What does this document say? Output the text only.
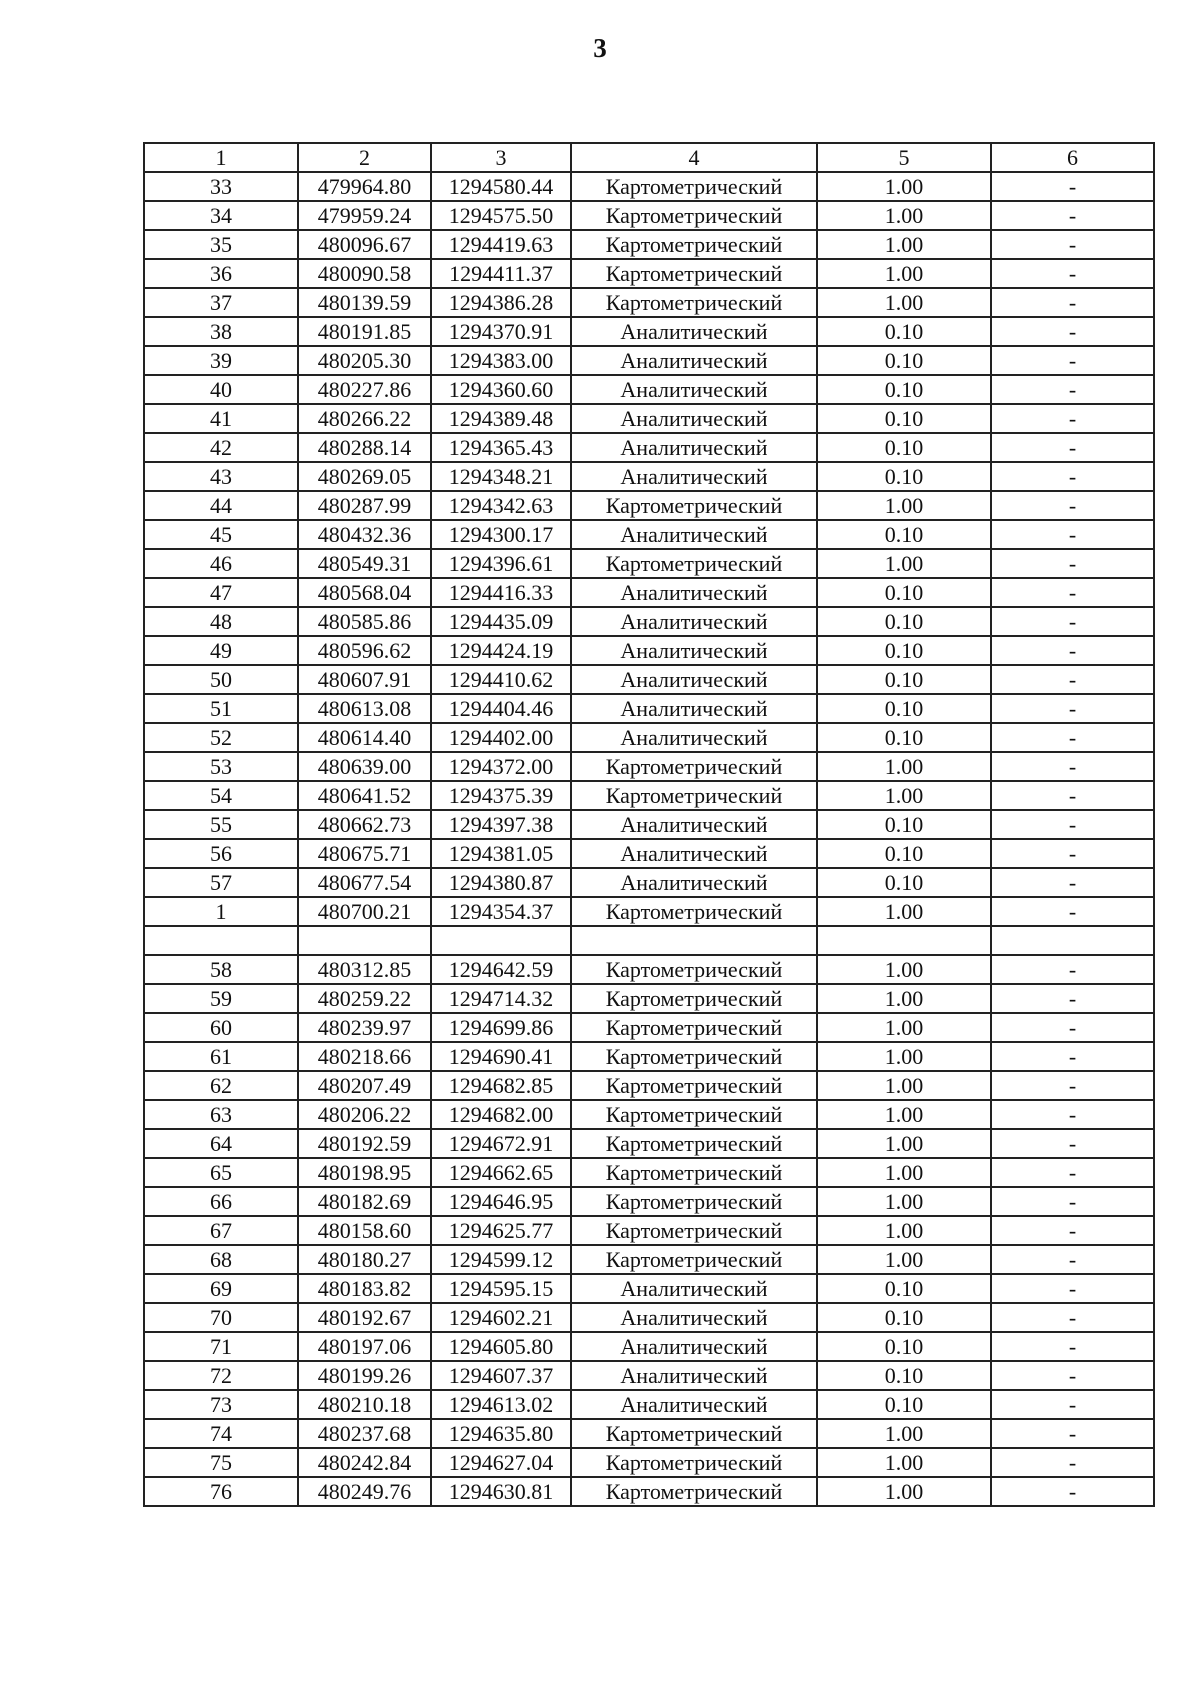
3
1	2	3	4	5	6
33	479964.80	1294580.44	Картометрический	1.00	-
34	479959.24	1294575.50	Картометрический	1.00	-
35	480096.67	1294419.63	Картометрический	1.00	-
36	480090.58	1294411.37	Картометрический	1.00	-
37	480139.59	1294386.28	Картометрический	1.00	-
38	480191.85	1294370.91	Аналитический	0.10	-
39	480205.30	1294383.00	Аналитический	0.10	-
40	480227.86	1294360.60	Аналитический	0.10	-
41	480266.22	1294389.48	Аналитический	0.10	-
42	480288.14	1294365.43	Аналитический	0.10	-
43	480269.05	1294348.21	Аналитический	0.10	-
44	480287.99	1294342.63	Картометрический	1.00	-
45	480432.36	1294300.17	Аналитический	0.10	-
46	480549.31	1294396.61	Картометрический	1.00	-
47	480568.04	1294416.33	Аналитический	0.10	-
48	480585.86	1294435.09	Аналитический	0.10	-
49	480596.62	1294424.19	Аналитический	0.10	-
50	480607.91	1294410.62	Аналитический	0.10	-
51	480613.08	1294404.46	Аналитический	0.10	-
52	480614.40	1294402.00	Аналитический	0.10	-
53	480639.00	1294372.00	Картометрический	1.00	-
54	480641.52	1294375.39	Картометрический	1.00	-
55	480662.73	1294397.38	Аналитический	0.10	-
56	480675.71	1294381.05	Аналитический	0.10	-
57	480677.54	1294380.87	Аналитический	0.10	-
1	480700.21	1294354.37	Картометрический	1.00	-

58	480312.85	1294642.59	Картометрический	1.00	-
59	480259.22	1294714.32	Картометрический	1.00	-
60	480239.97	1294699.86	Картометрический	1.00	-
61	480218.66	1294690.41	Картометрический	1.00	-
62	480207.49	1294682.85	Картометрический	1.00	-
63	480206.22	1294682.00	Картометрический	1.00	-
64	480192.59	1294672.91	Картометрический	1.00	-
65	480198.95	1294662.65	Картометрический	1.00	-
66	480182.69	1294646.95	Картометрический	1.00	-
67	480158.60	1294625.77	Картометрический	1.00	-
68	480180.27	1294599.12	Картометрический	1.00	-
69	480183.82	1294595.15	Аналитический	0.10	-
70	480192.67	1294602.21	Аналитический	0.10	-
71	480197.06	1294605.80	Аналитический	0.10	-
72	480199.26	1294607.37	Аналитический	0.10	-
73	480210.18	1294613.02	Аналитический	0.10	-
74	480237.68	1294635.80	Картометрический	1.00	-
75	480242.84	1294627.04	Картометрический	1.00	-
76	480249.76	1294630.81	Картометрический	1.00	-
